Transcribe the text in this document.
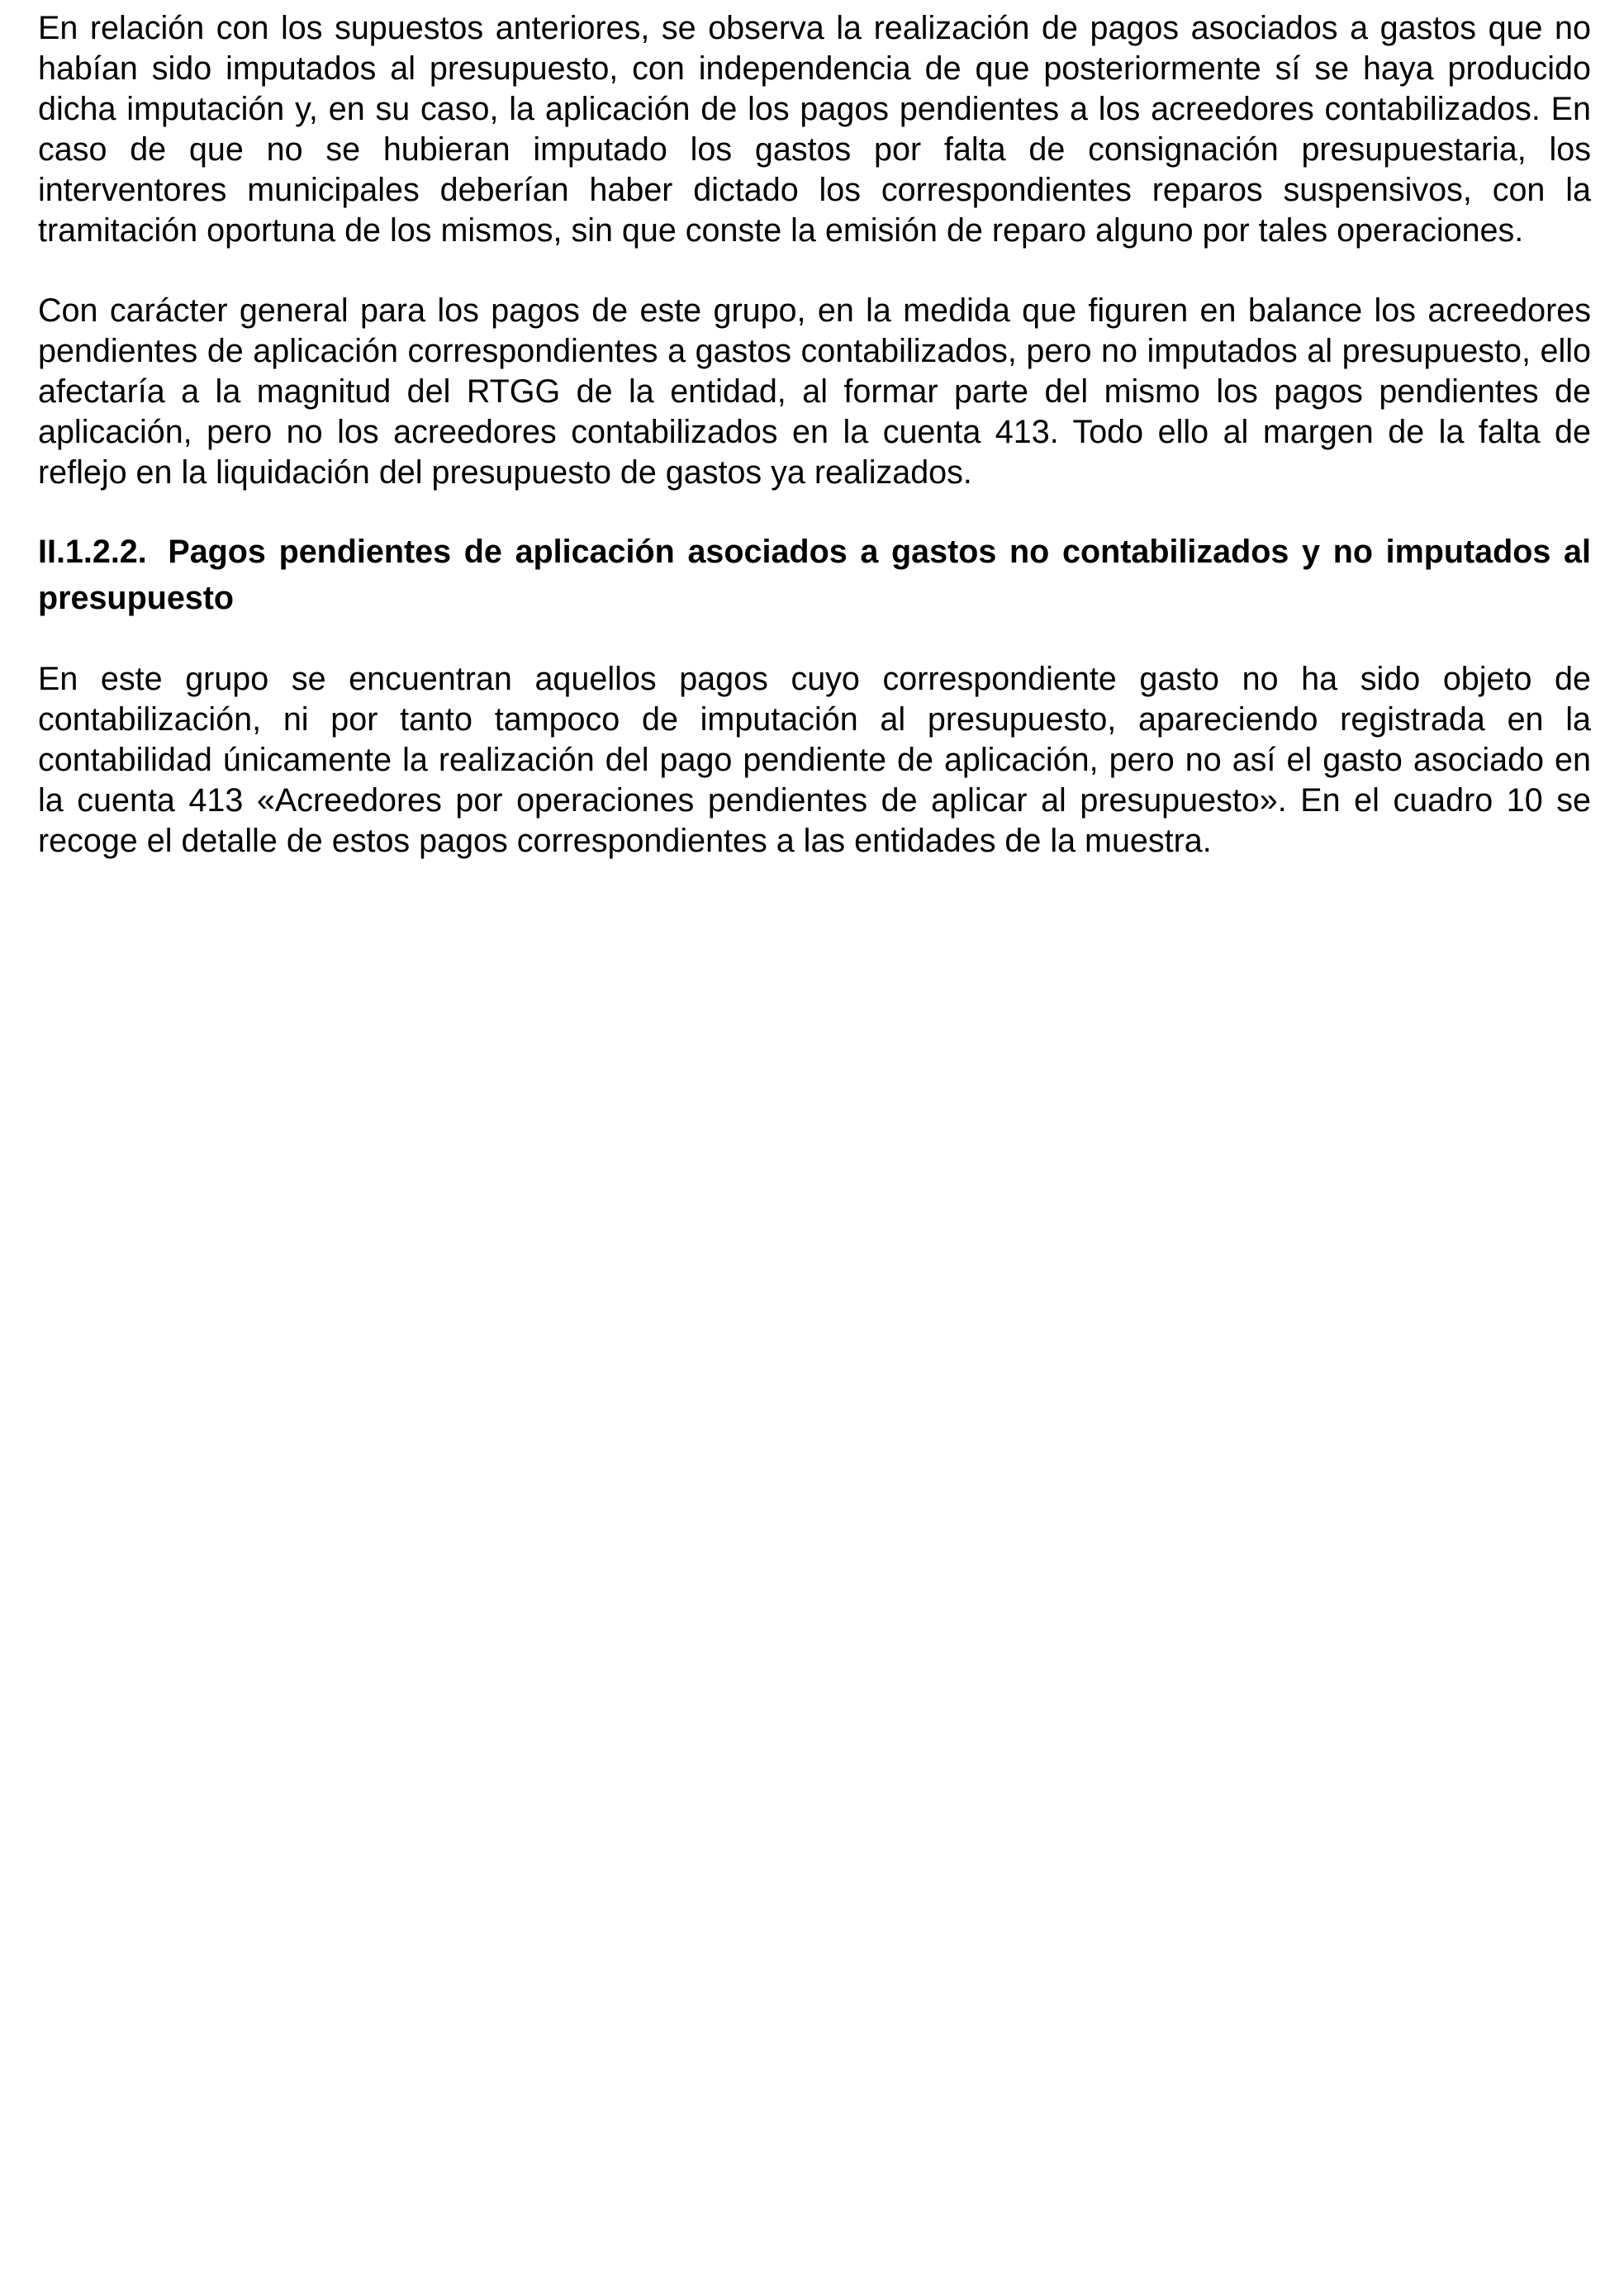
En relación con los supuestos anteriores, se observa la realización de pagos asociados a gastos que no habían sido imputados al presupuesto, con independencia de que posteriormente sí se haya producido dicha imputación y, en su caso, la aplicación de los pagos pendientes a los acreedores contabilizados. En caso de que no se hubieran imputado los gastos por falta de consignación presupuestaria, los interventores municipales deberían haber dictado los correspondientes reparos suspensivos, con la tramitación oportuna de los mismos, sin que conste la emisión de reparo alguno por tales operaciones.

Con carácter general para los pagos de este grupo, en la medida que figuren en balance los acreedores pendientes de aplicación correspondientes a gastos contabilizados, pero no imputados al presupuesto, ello afectaría a la magnitud del RTGG de la entidad, al formar parte del mismo los pagos pendientes de aplicación, pero no los acreedores contabilizados en la cuenta 413. Todo ello al margen de la falta de reflejo en la liquidación del presupuesto de gastos ya realizados.

II.1.2.2. Pagos pendientes de aplicación asociados a gastos no contabilizados y no imputados al presupuesto

En este grupo se encuentran aquellos pagos cuyo correspondiente gasto no ha sido objeto de contabilización, ni por tanto tampoco de imputación al presupuesto, apareciendo registrada en la contabilidad únicamente la realización del pago pendiente de aplicación, pero no así el gasto asociado en la cuenta 413 «Acreedores por operaciones pendientes de aplicar al presupuesto». En el cuadro 10 se recoge el detalle de estos pagos correspondientes a las entidades de la muestra.
